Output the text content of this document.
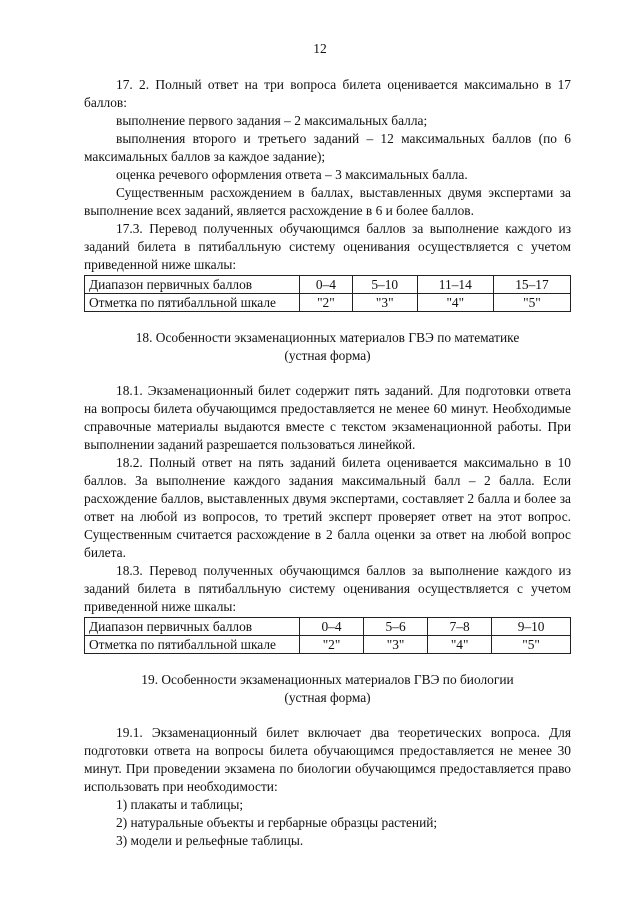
12

17. 2. Полный ответ на три вопроса билета оценивается максимально в 17 баллов:

выполнение первого задания – 2 максимальных балла;

выполнения второго и третьего заданий – 12 максимальных баллов (по 6 максимальных баллов за каждое задание);

оценка речевого оформления ответа – 3 максимальных балла.

Существенным расхождением в баллах, выставленных двумя экспертами за выполнение всех заданий, является расхождение в 6 и более баллов.

17.3. Перевод полученных обучающимся баллов за выполнение каждого из заданий билета в пятибалльную систему оценивания осуществляется с учетом приведенной ниже шкалы:

Диапазон первичных баллов	0–4	5–10	11–14	15–17
Отметка по пятибалльной шкале	"2"	"3"	"4"	"5"
18. Особенности экзаменационных материалов ГВЭ по математике
(устная форма)

18.1. Экзаменационный билет содержит пять заданий. Для подготовки ответа на вопросы билета обучающимся предоставляется не менее 60 минут. Необходимые справочные материалы выдаются вместе с текстом экзаменационной работы. При выполнении заданий разрешается пользоваться линейкой.

18.2. Полный ответ на пять заданий билета оценивается максимально в 10 баллов. За выполнение каждого задания максимальный балл – 2 балла. Если расхождение баллов, выставленных двумя экспертами, составляет 2 балла и более за ответ на любой из вопросов, то третий эксперт проверяет ответ на этот вопрос. Существенным считается расхождение в 2 балла оценки за ответ на любой вопрос билета.

18.3. Перевод полученных обучающимся баллов за выполнение каждого из заданий билета в пятибалльную систему оценивания осуществляется с учетом приведенной ниже шкалы:

Диапазон первичных баллов	0–4	5–6	7–8	9–10
Отметка по пятибалльной шкале	"2"	"3"	"4"	"5"
19. Особенности экзаменационных материалов ГВЭ по биологии
(устная форма)

19.1. Экзаменационный билет включает два теоретических вопроса. Для подготовки ответа на вопросы билета обучающимся предоставляется не менее 30 минут. При проведении экзамена по биологии обучающимся предоставляется право использовать при необходимости:

1) плакаты и таблицы;

2) натуральные объекты и гербарные образцы растений;

3) модели и рельефные таблицы.
